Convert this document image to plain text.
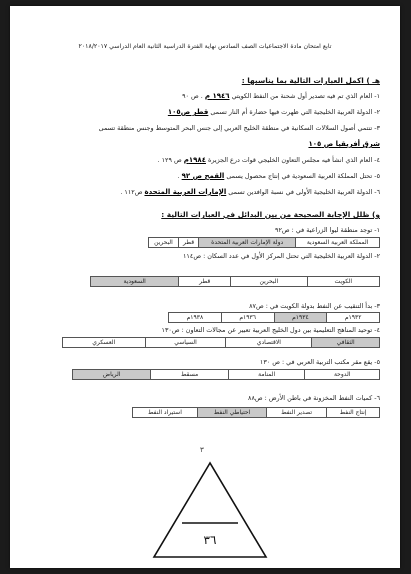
تابع امتحان مادة الاجتماعيات الصف السادس نهاية الفترة الدراسية الثانية العام الدراسي ٢٠١٨/٢٠١٧
هـ ) اكمل العبارات التالية بما يناسبها :
١- العام الذي تم فيه تصدير أول شحنة من النفط الكويتي ١٩٤٦ م . ص ٩٠
٢- الدولة العربية الخليجية التي ظهرت فيها حضارة أم النار تسمى قطر ص١٠٥
٣- تنتمي أصول السلالات السكانية في منطقة الخليج العربي إلى جنس البحر المتوسط وجنس منطقة تسمى
شرق أفريقيا ص ١٠٥
٤- العام الذي انشأ فيه مجلس التعاون الخليجي قوات درع الجزيرة ١٩٨٤م ص ١٢٩ .
٥- تحتل المملكة العربية السعودية في إنتاج محصول يسمى القمح ص ٩٢ .
٦- الدولة العربية الخليجية الأولى في نسبة الوافدين تسمى الإمارات العربية المتحدة ص١١٢ .
و) ظلل الإجابة الصحيحة من بين البدائل في العبارات التالية :
١- توجد منطقة ليوا الزراعية في : ص٩٢
المملكة العربية السعودية	دولة الإمارات العربية المتحدة	قطر	البحرين
٢- الدولة العربية الخليجية التي تحتل المركز الأول في عدد السكان : ص١١٤
الكويت	البحرين	قطر	السعودية
٣- بدأ التنقيب عن النفط بدولة الكويت في : ص٨٧
١٩٣٢م	١٩٣٤م	١٩٣٦م	١٩٣٨م
٤- توحيد المناهج التعليمية بين دول الخليج العربية تعبير عن مجالات التعاون : ص١٣٠
الثقافي	الاقتصادي	السياسي	العسكري
٥- يقع مقر مكتب التربية العربي في : ص ١٣٠
الدوحة	المنامة	مسقط	الرياض
٦- كميات النفط المخزونة في باطن الأرض : ص٨٨
إنتاج النفط	تصدير النفط	احتياطي النفط	استيراد النفط
٣
٣٦
